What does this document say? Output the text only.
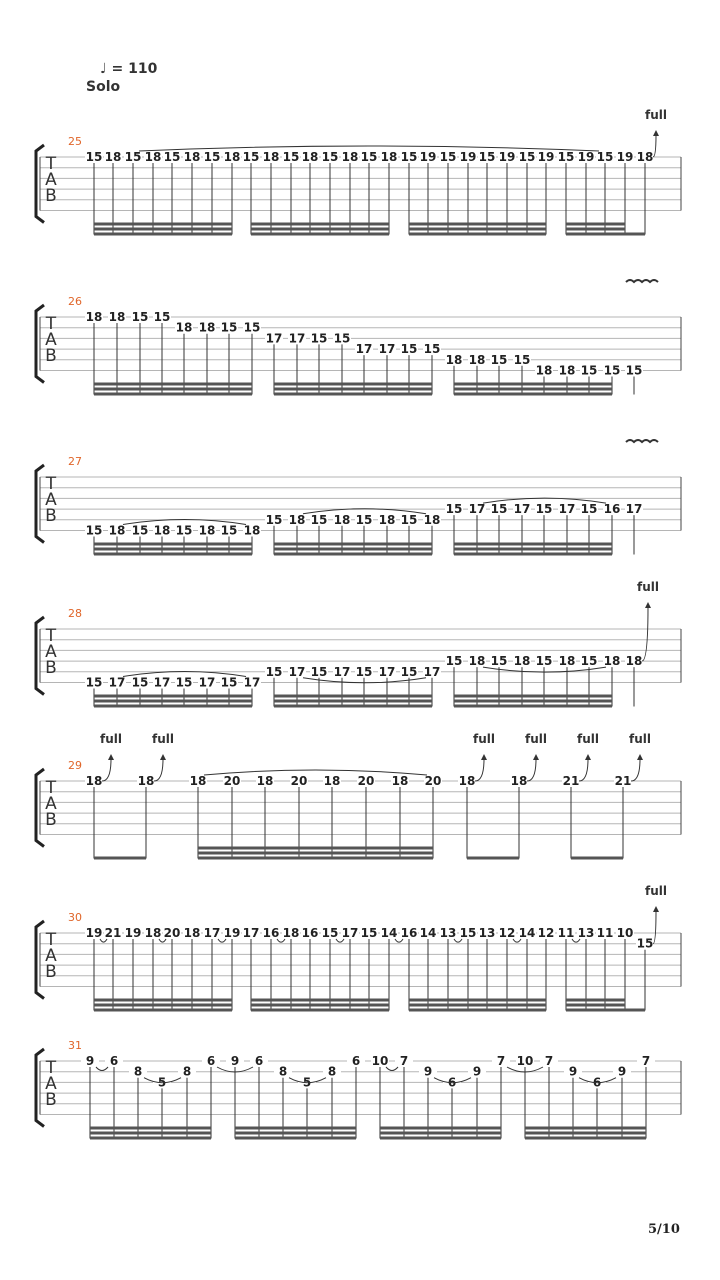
♩ = 110
Solo
T
A
B
25
15 18 15 18 15 18 15 18 15 18 15 18 15 18 15 18 15 19 15 19 15 19 15 19 15 19 15 19 18
full
T
A
B
26
18 18 15 15
18 18 15 15
17 17 15 15
17 17 15 15
18 18 15 15
18 18 15 15 15
T
A
B
27
15 18 15 18 15 18 15 18
15 18 15 18 15 18 15 18
15 17 15 17 15 17 15 16 17
T
A
B
28
15 17 15 17 15 17 15 17
15 17 15 17 15 17 15 17
15 18 15 18 15 18 15 18 18
full
T
A
B
29
18	18	18 20 18 20 18 20 18 20 18	18	21	21
full	full	full	full	full	full
T
A
B
30
19 21 19 18 20 18 17 19 17 16 18 16 15 17 15 14 16 14 13 15 13 12 14 12 11 13 11 10
15
full
T
A
B
31
9 6
8
5
8
6 9 6
8
5
8
6 10 7
9
6
9
7 10 7
9
6
9
7
5/10
